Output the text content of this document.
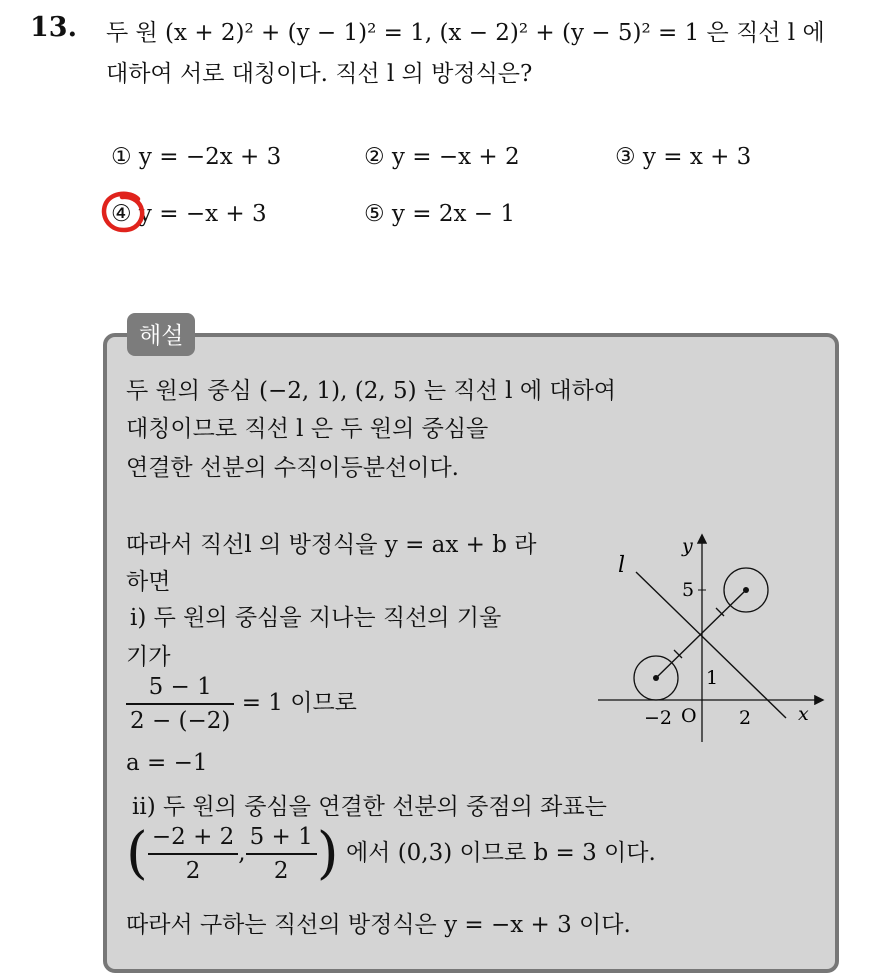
13. 두 원 (x + 2)² + (y − 1)² = 1, (x − 2)² + (y − 5)² = 1 은 직선 l 에
대하여 서로 대칭이다. 직선 l 의 방정식은?
① y = −2x + 3	② y = −x + 2	③ y = x + 3
④ y = −x + 3	⑤ y = 2x − 1
해설
두 원의 중심 (−2, 1), (2, 5) 는 직선 l 에 대하여
대칭이므로 직선 l 은 두 원의 중심을
연결한 선분의 수직이등분선이다.
따라서 직선l 의 방정식을 y = ax + b 라
하면
ⅰ) 두 원의 중심을 지나는 직선의 기울
기가
$\frac{5 - 1}{2 - (-2)} = 1$ 이므로
a = −1
ⅱ) 두 원의 중심을 연결한 선분의 중점의 좌표는
( $\frac{-2 + 2}{2}$ , $\frac{5 + 1}{2}$ ) 에서 (0,3) 이므로 b = 3 이다.
따라서 구하는 직선의 방정식은 y = −x + 3 이다.
l
y
x
5
1
−2 O 2
